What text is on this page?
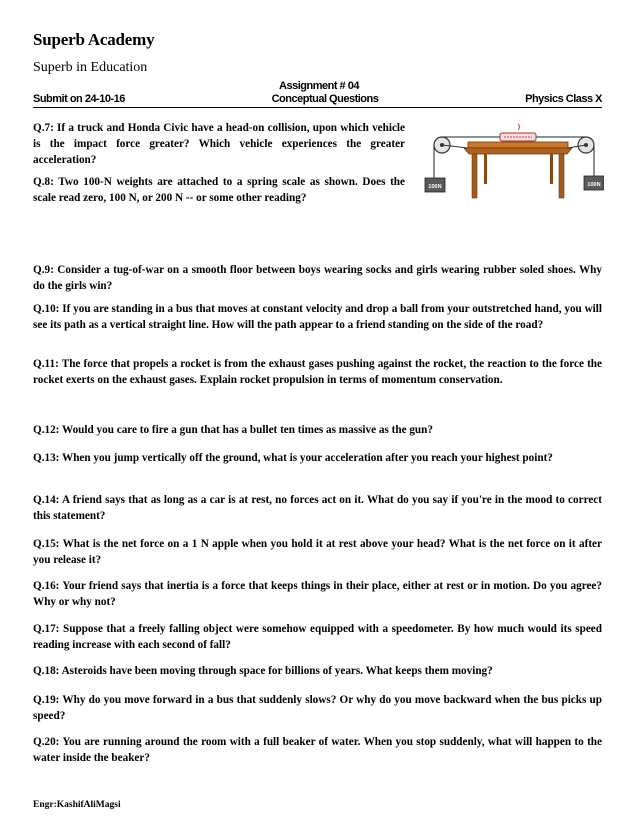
Superb Academy
Superb in Education
Assignment # 04
Submit on 24-10-16	Conceptual Questions	Physics Class X

Q.7: If a truck and Honda Civic have a head-on collision, upon which vehicle is the impact force greater? Which vehicle experiences the greater acceleration?

Q.8: Two 100-N weights are attached to a spring scale as shown. Does the scale read zero, 100 N, or 200 N -- or some other reading?

100N	100N

Q.9: Consider a tug-of-war on a smooth floor between boys wearing socks and girls wearing rubber soled shoes. Why do the girls win?

Q.10: If you are standing in a bus that moves at constant velocity and drop a ball from your outstretched hand, you will see its path as a vertical straight line. How will the path appear to a friend standing on the side of the road?

Q.11: The force that propels a rocket is from the exhaust gases pushing against the rocket, the reaction to the force the rocket exerts on the exhaust gases. Explain rocket propulsion in terms of momentum conservation.

Q.12: Would you care to fire a gun that has a bullet ten times as massive as the gun?

Q.13: When you jump vertically off the ground, what is your acceleration after you reach your highest point?

Q.14: A friend says that as long as a car is at rest, no forces act on it. What do you say if you're in the mood to correct this statement?

Q.15: What is the net force on a 1 N apple when you hold it at rest above your head? What is the net force on it after you release it?

Q.16: Your friend says that inertia is a force that keeps things in their place, either at rest or in motion. Do you agree? Why or why not?

Q.17: Suppose that a freely falling object were somehow equipped with a speedometer. By how much would its speed reading increase with each second of fall?

Q.18: Asteroids have been moving through space for billions of years. What keeps them moving?

Q.19: Why do you move forward in a bus that suddenly slows? Or why do you move backward when the bus picks up speed?

Q.20: You are running around the room with a full beaker of water. When you stop suddenly, what will happen to the water inside the beaker?

Engr:KashifAliMagsi
